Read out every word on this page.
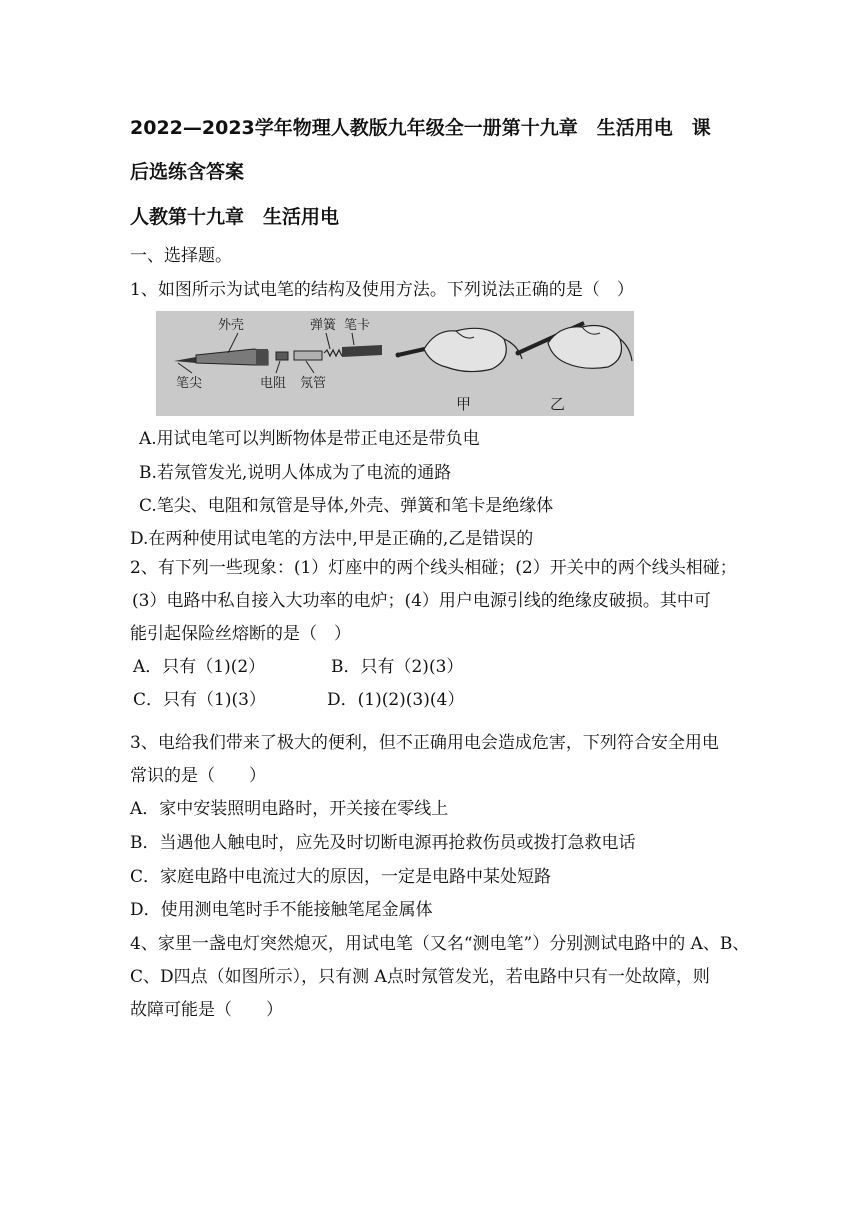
2022—2023学年物理人教版九年级全一册第十九章　生活用电　课
后选练含答案
人教第十九章　生活用电
一、选择题。
1、如图所示为试电笔的结构及使用方法。下列说法正确的是（　）
外壳	弹簧 笔卡
笔尖	电阻 氖管
甲	乙
A.用试电笔可以判断物体是带正电还是带负电
B.若氖管发光,说明人体成为了电流的通路
C.笔尖、电阻和氖管是导体,外壳、弹簧和笔卡是绝缘体
D.在两种使用试电笔的方法中,甲是正确的,乙是错误的
2、有下列一些现象：(1）灯座中的两个线头相碰；(2）开关中的两个线头相碰；
(3）电路中私自接入大功率的电炉；(4）用户电源引线的绝缘皮破损。其中可
能引起保险丝熔断的是（　）
A．只有（1)(2）	B．只有（2)(3）
C．只有（1)(3）	D．(1)(2)(3)(4）
3、电给我们带来了极大的便利，但不正确用电会造成危害，下列符合安全用电
常识的是（　　）
A．家中安装照明电路时，开关接在零线上
B．当遇他人触电时，应先及时切断电源再抢救伤员或拨打急救电话
C．家庭电路中电流过大的原因，一定是电路中某处短路
D．使用测电笔时手不能接触笔尾金属体
4、家里一盏电灯突然熄灭，用试电笔（又名“测电笔”）分别测试电路中的 A、B、
C、D四点（如图所示），只有测 A点时氖管发光，若电路中只有一处故障，则
故障可能是（　　）
